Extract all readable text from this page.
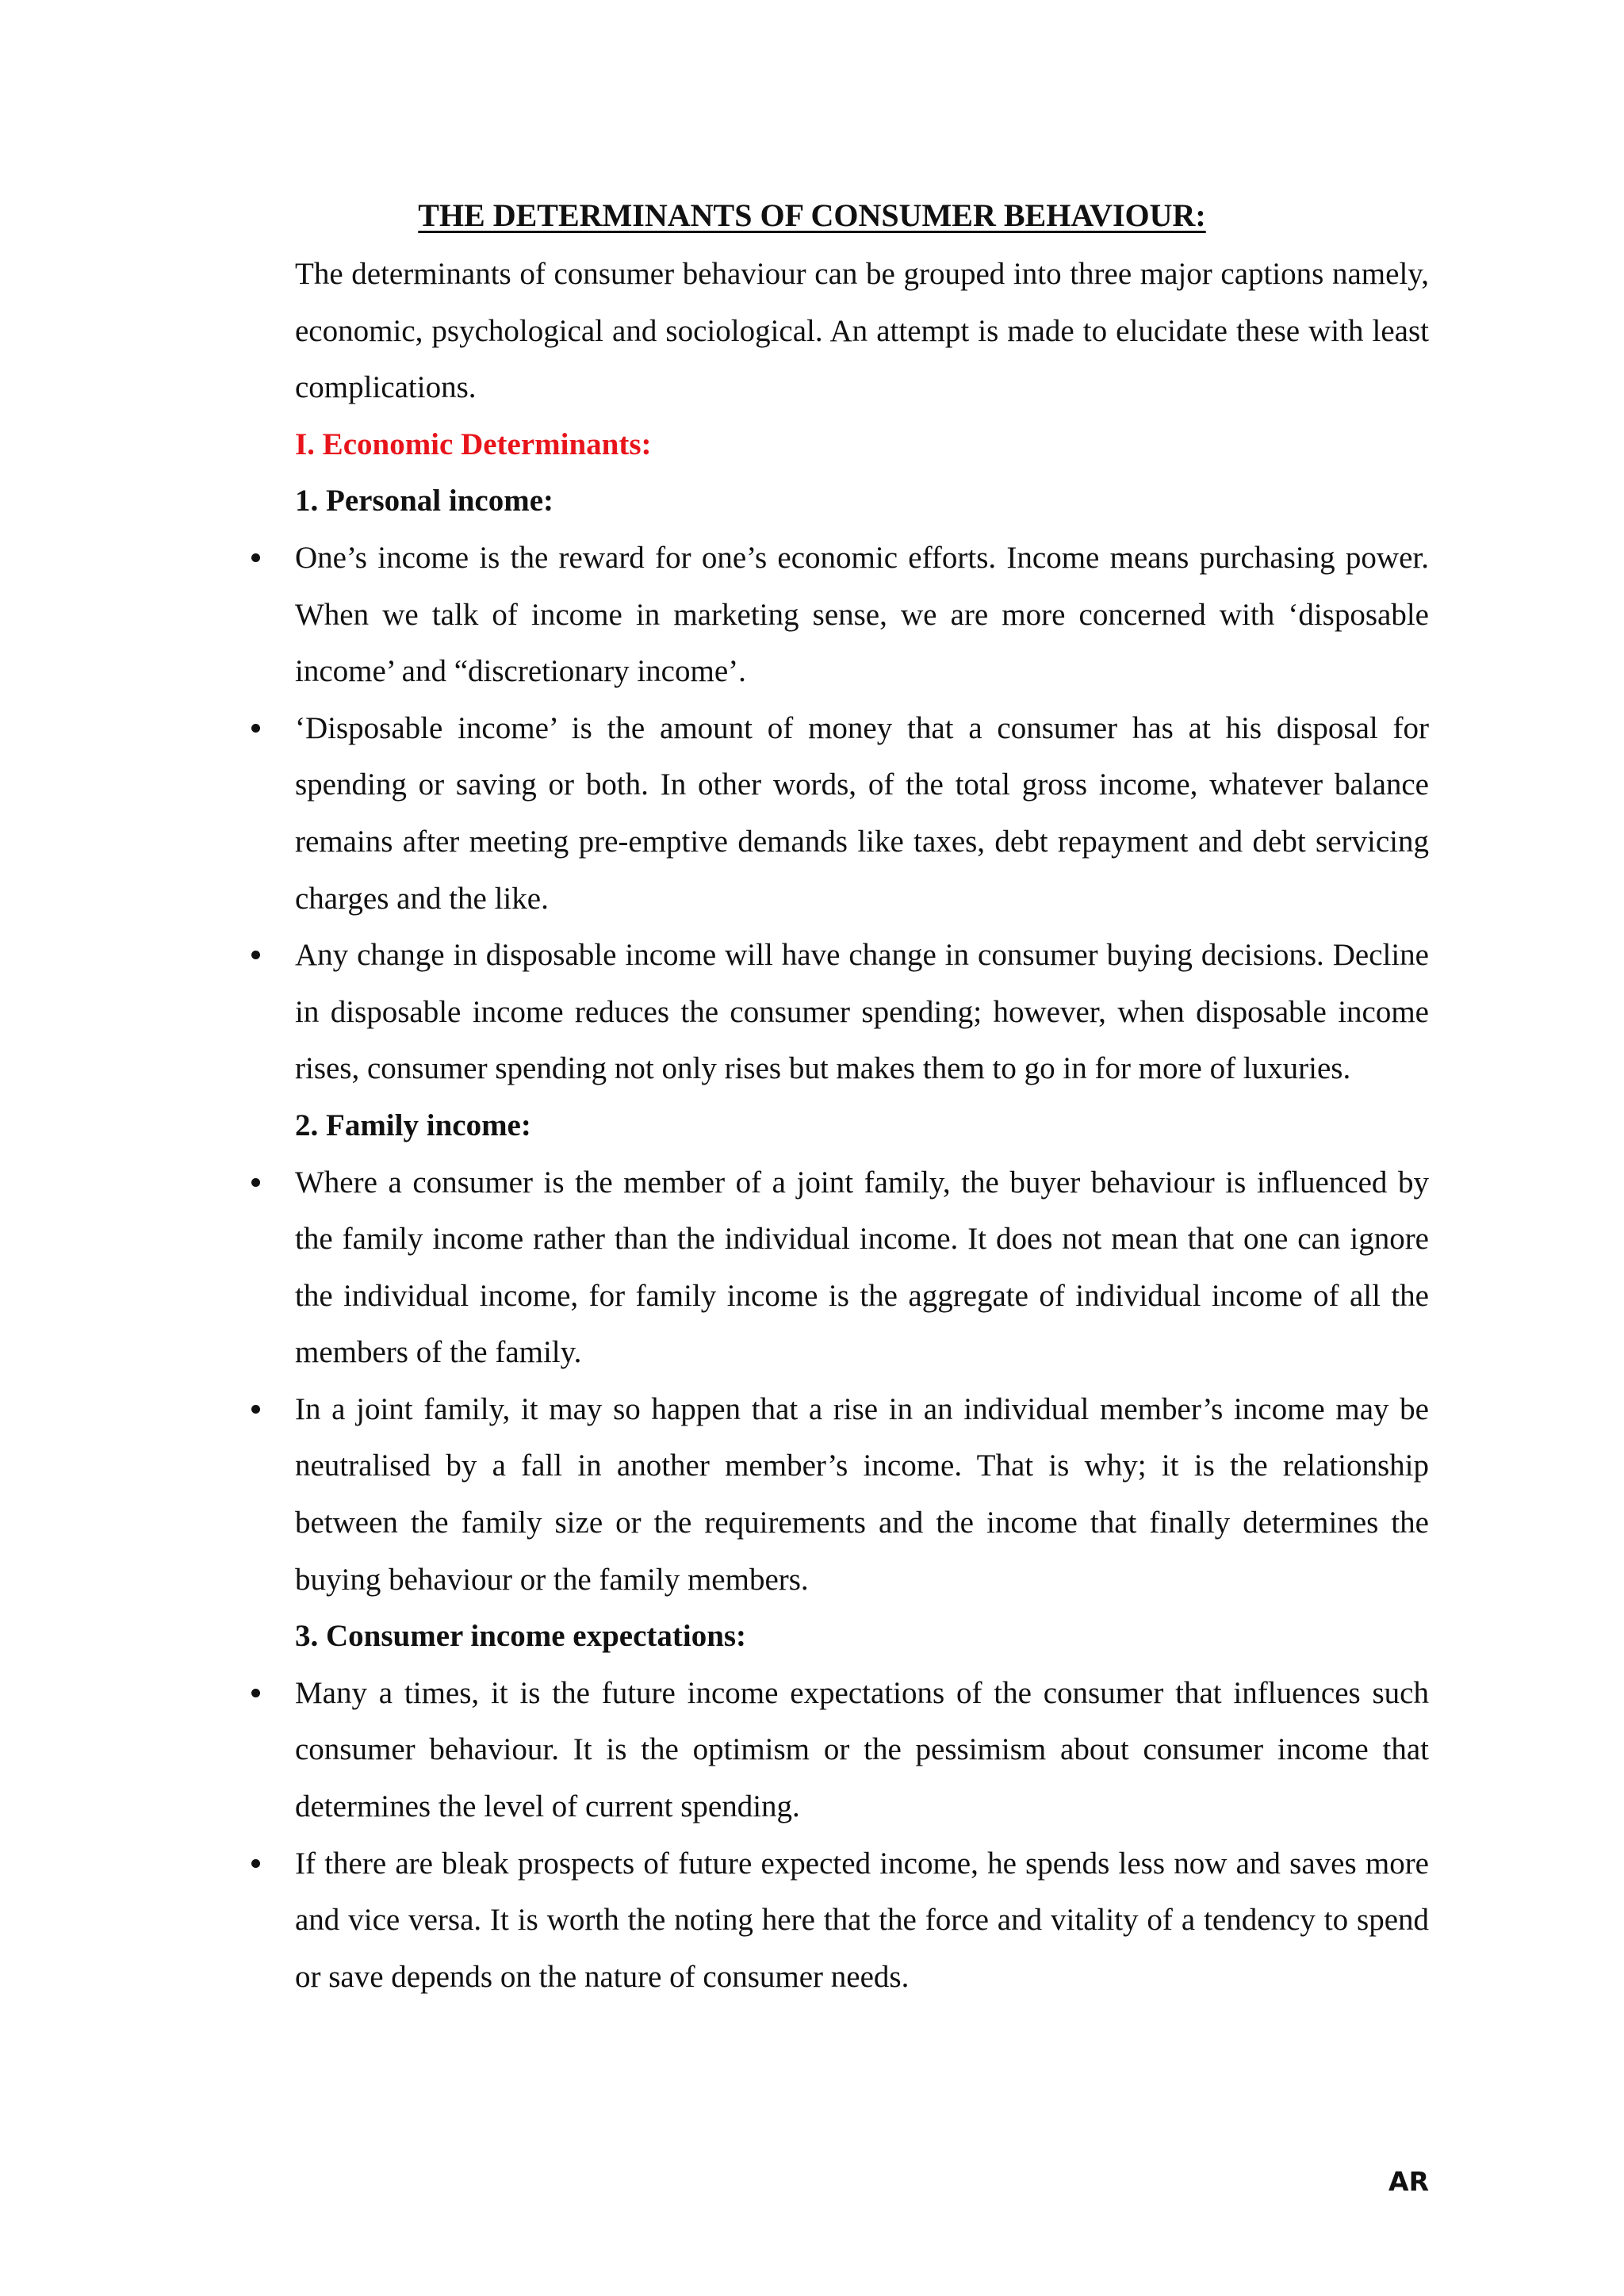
THE DETERMINANTS OF CONSUMER BEHAVIOUR:

The determinants of consumer behaviour can be grouped into three major captions namely, economic, psychological and sociological. An attempt is made to elucidate these with least complications.

I. Economic Determinants:
1. Personal income:

One’s income is the reward for one’s economic efforts. Income means purchasing power. When we talk of income in marketing sense, we are more concerned with ‘disposable income’ and “discretionary income’.

‘Disposable income’ is the amount of money that a consumer has at his disposal for spending or saving or both. In other words, of the total gross income, whatever balance remains after meeting pre-emptive demands like taxes, debt repayment and debt servicing charges and the like.

Any change in disposable income will have change in consumer buying decisions. Decline in disposable income reduces the consumer spending; however, when disposable income rises, consumer spending not only rises but makes them to go in for more of luxuries.

2. Family income:

Where a consumer is the member of a joint family, the buyer behaviour is influenced by the family income rather than the individual income. It does not mean that one can ignore the individual income, for family income is the aggregate of individual income of all the members of the family.

In a joint family, it may so happen that a rise in an individual member’s income may be neutralised by a fall in another member’s income. That is why; it is the relationship between the family size or the requirements and the income that finally determines the buying behaviour or the family members.

3. Consumer income expectations:

Many a times, it is the future income expectations of the consumer that influences such consumer behaviour. It is the optimism or the pessimism about consumer income that determines the level of current spending.

If there are bleak prospects of future expected income, he spends less now and saves more and vice versa. It is worth the noting here that the force and vitality of a tendency to spend or save depends on the nature of consumer needs.

AR
